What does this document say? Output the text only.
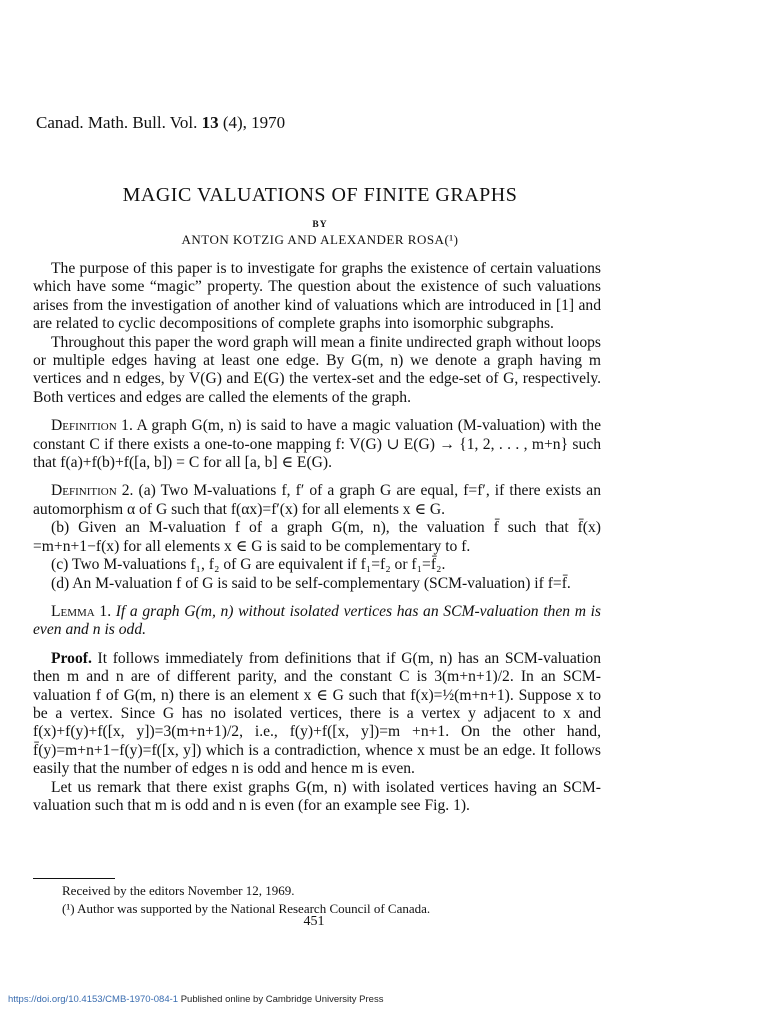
Canad. Math. Bull. Vol. 13 (4), 1970
MAGIC VALUATIONS OF FINITE GRAPHS
BY
ANTON KOTZIG AND ALEXANDER ROSA(¹)

The purpose of this paper is to investigate for graphs the existence of certain valuations which have some “magic” property. The question about the existence of such valuations arises from the investigation of another kind of valuations which are introduced in [1] and are related to cyclic decompositions of complete graphs into isomorphic subgraphs.

Throughout this paper the word graph will mean a finite undirected graph without loops or multiple edges having at least one edge. By G(m, n) we denote a graph having m vertices and n edges, by V(G) and E(G) the vertex-set and the edge-set of G, respectively. Both vertices and edges are called the elements of the graph.

Definition 1. A graph G(m, n) is said to have a magic valuation (M-valuation) with the constant C if there exists a one-to-one mapping f: V(G) ∪ E(G) → {1, 2, . . . , m+n} such that f(a)+f(b)+f([a, b]) = C for all [a, b] ∈ E(G).

Definition 2. (a) Two M-valuations f, f′ of a graph G are equal, f=f′, if there exists an automorphism α of G such that f(αx)=f′(x) for all elements x ∈ G.

(b) Given an M-valuation f of a graph G(m, n), the valuation f̄ such that f̄(x) =m+n+1−f(x) for all elements x ∈ G is said to be complementary to f.

(c) Two M-valuations f₁, f₂ of G are equivalent if f₁=f₂ or f₁=f̄₂.

(d) An M-valuation f of G is said to be self-complementary (SCM-valuation) if f=f̄.

Lemma 1. If a graph G(m, n) without isolated vertices has an SCM-valuation then m is even and n is odd.

Proof. It follows immediately from definitions that if G(m, n) has an SCM-valuation then m and n are of different parity, and the constant C is 3(m+n+1)/2. In an SCM-valuation f of G(m, n) there is an element x ∈ G such that f(x)=½(m+n+1). Suppose x to be a vertex. Since G has no isolated vertices, there is a vertex y adjacent to x and f(x)+f(y)+f([x, y])=3(m+n+1)/2, i.e., f(y)+f([x, y])=m +n+1. On the other hand, f̄(y)=m+n+1−f(y)=f([x, y]) which is a contradiction, whence x must be an edge. It follows easily that the number of edges n is odd and hence m is even.

Let us remark that there exist graphs G(m, n) with isolated vertices having an SCM-valuation such that m is odd and n is even (for an example see Fig. 1).

Received by the editors November 12, 1969.
(¹) Author was supported by the National Research Council of Canada.
451
https://doi.org/10.4153/CMB-1970-084-1 Published online by Cambridge University Press
